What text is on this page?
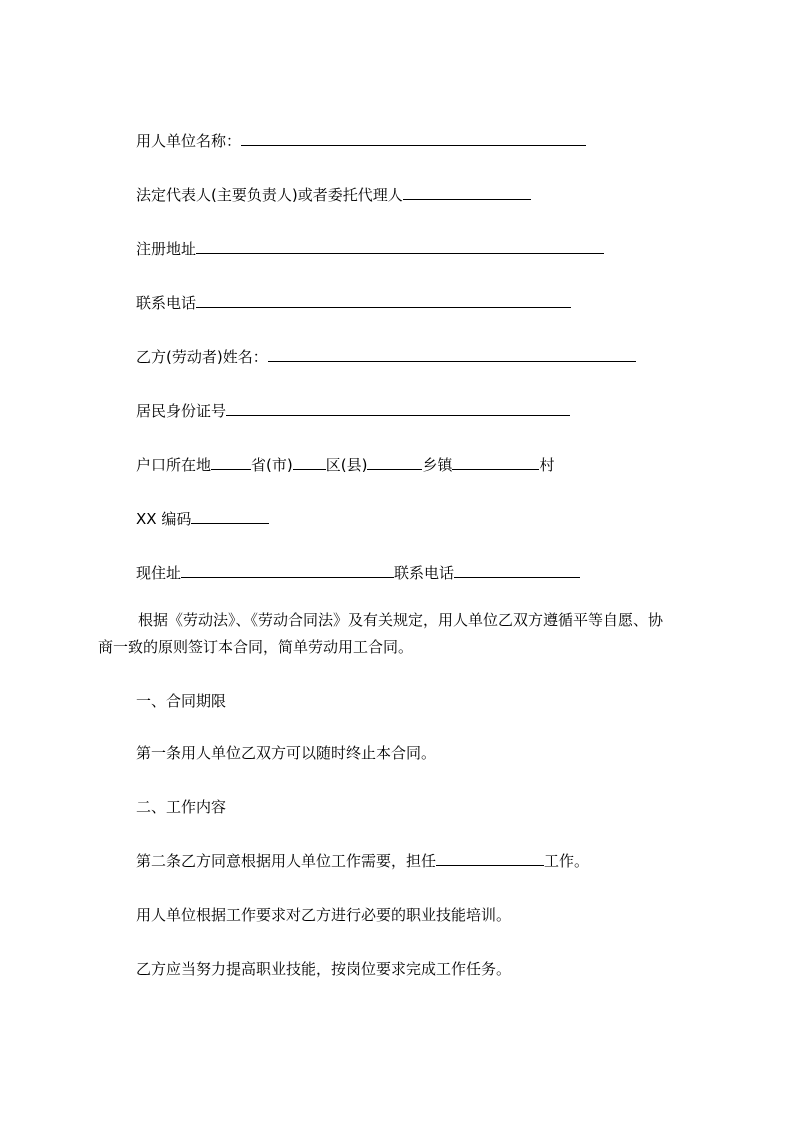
用人单位名称：
法定代表人(主要负责人)或者委托代理人
注册地址
联系电话
乙方(劳动者)姓名：
居民身份证号
户口所在地	省(市) 区(县)	乡镇	村
XX 编码
现住址	联系电话
根据《劳动法》、《劳动合同法》及有关规定，用人单位乙双方遵循平等自愿、协
商一致的原则签订本合同，简单劳动用工合同。
一、合同期限
第一条用人单位乙双方可以随时终止本合同。
二、工作内容
第二条乙方同意根据用人单位工作需要，担任	工作。
用人单位根据工作要求对乙方进行必要的职业技能培训。
乙方应当努力提高职业技能，按岗位要求完成工作任务。
